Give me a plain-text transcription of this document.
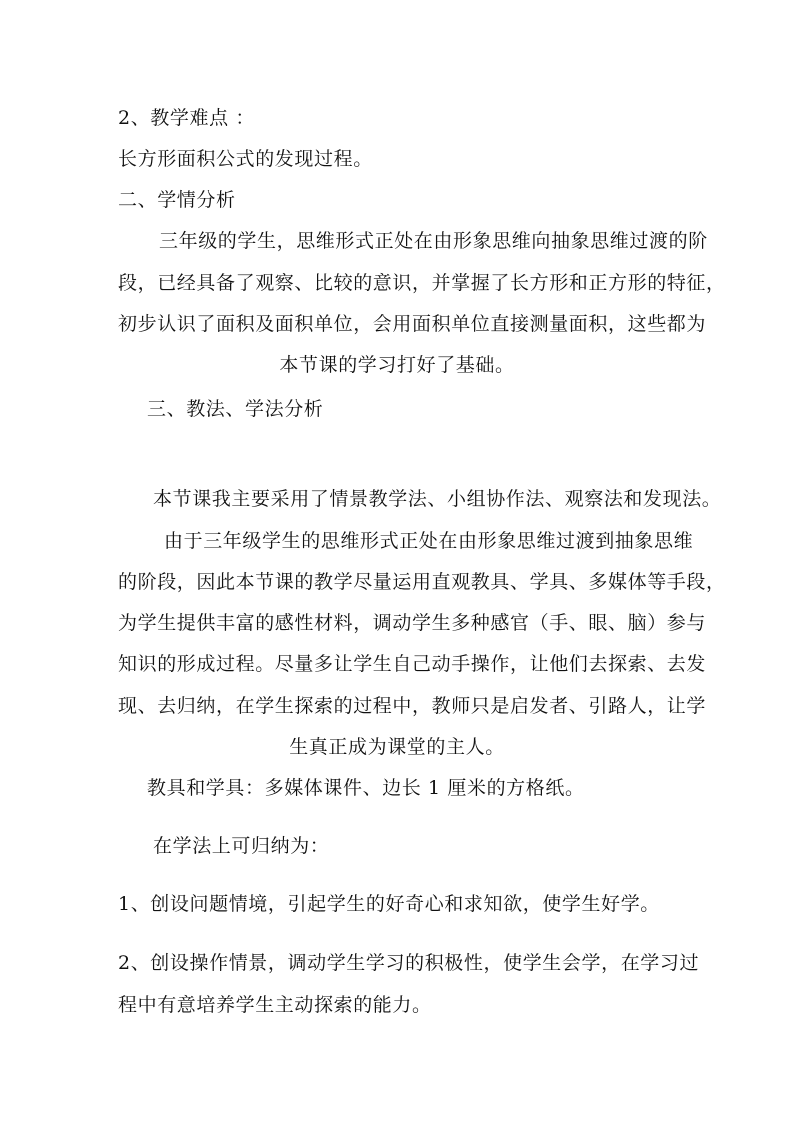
2、教学难点 ：
长方形面积公式的发现过程。
二、学情分析
三年级的学生，思维形式正处在由形象思维向抽象思维过渡的阶
段，已经具备了观察、比较的意识，并掌握了长方形和正方形的特征，
初步认识了面积及面积单位，会用面积单位直接测量面积，这些都为
本节课的学习打好了基础。
三、教法、学法分析
本节课我主要采用了情景教学法、小组协作法、观察法和发现法。
由于三年级学生的思维形式正处在由形象思维过渡到抽象思维
的阶段，因此本节课的教学尽量运用直观教具、学具、多媒体等手段，
为学生提供丰富的感性材料，调动学生多种感官（手、眼、脑）参与
知识的形成过程。尽量多让学生自己动手操作，让他们去探索、去发
现、去归纳，在学生探索的过程中，教师只是启发者、引路人，让学
生真正成为课堂的主人。
教具和学具：多媒体课件、边长 1 厘米的方格纸。
在学法上可归纳为：
1、创设问题情境，引起学生的好奇心和求知欲，使学生好学。
2、创设操作情景，调动学生学习的积极性，使学生会学，在学习过
程中有意培养学生主动探索的能力。
